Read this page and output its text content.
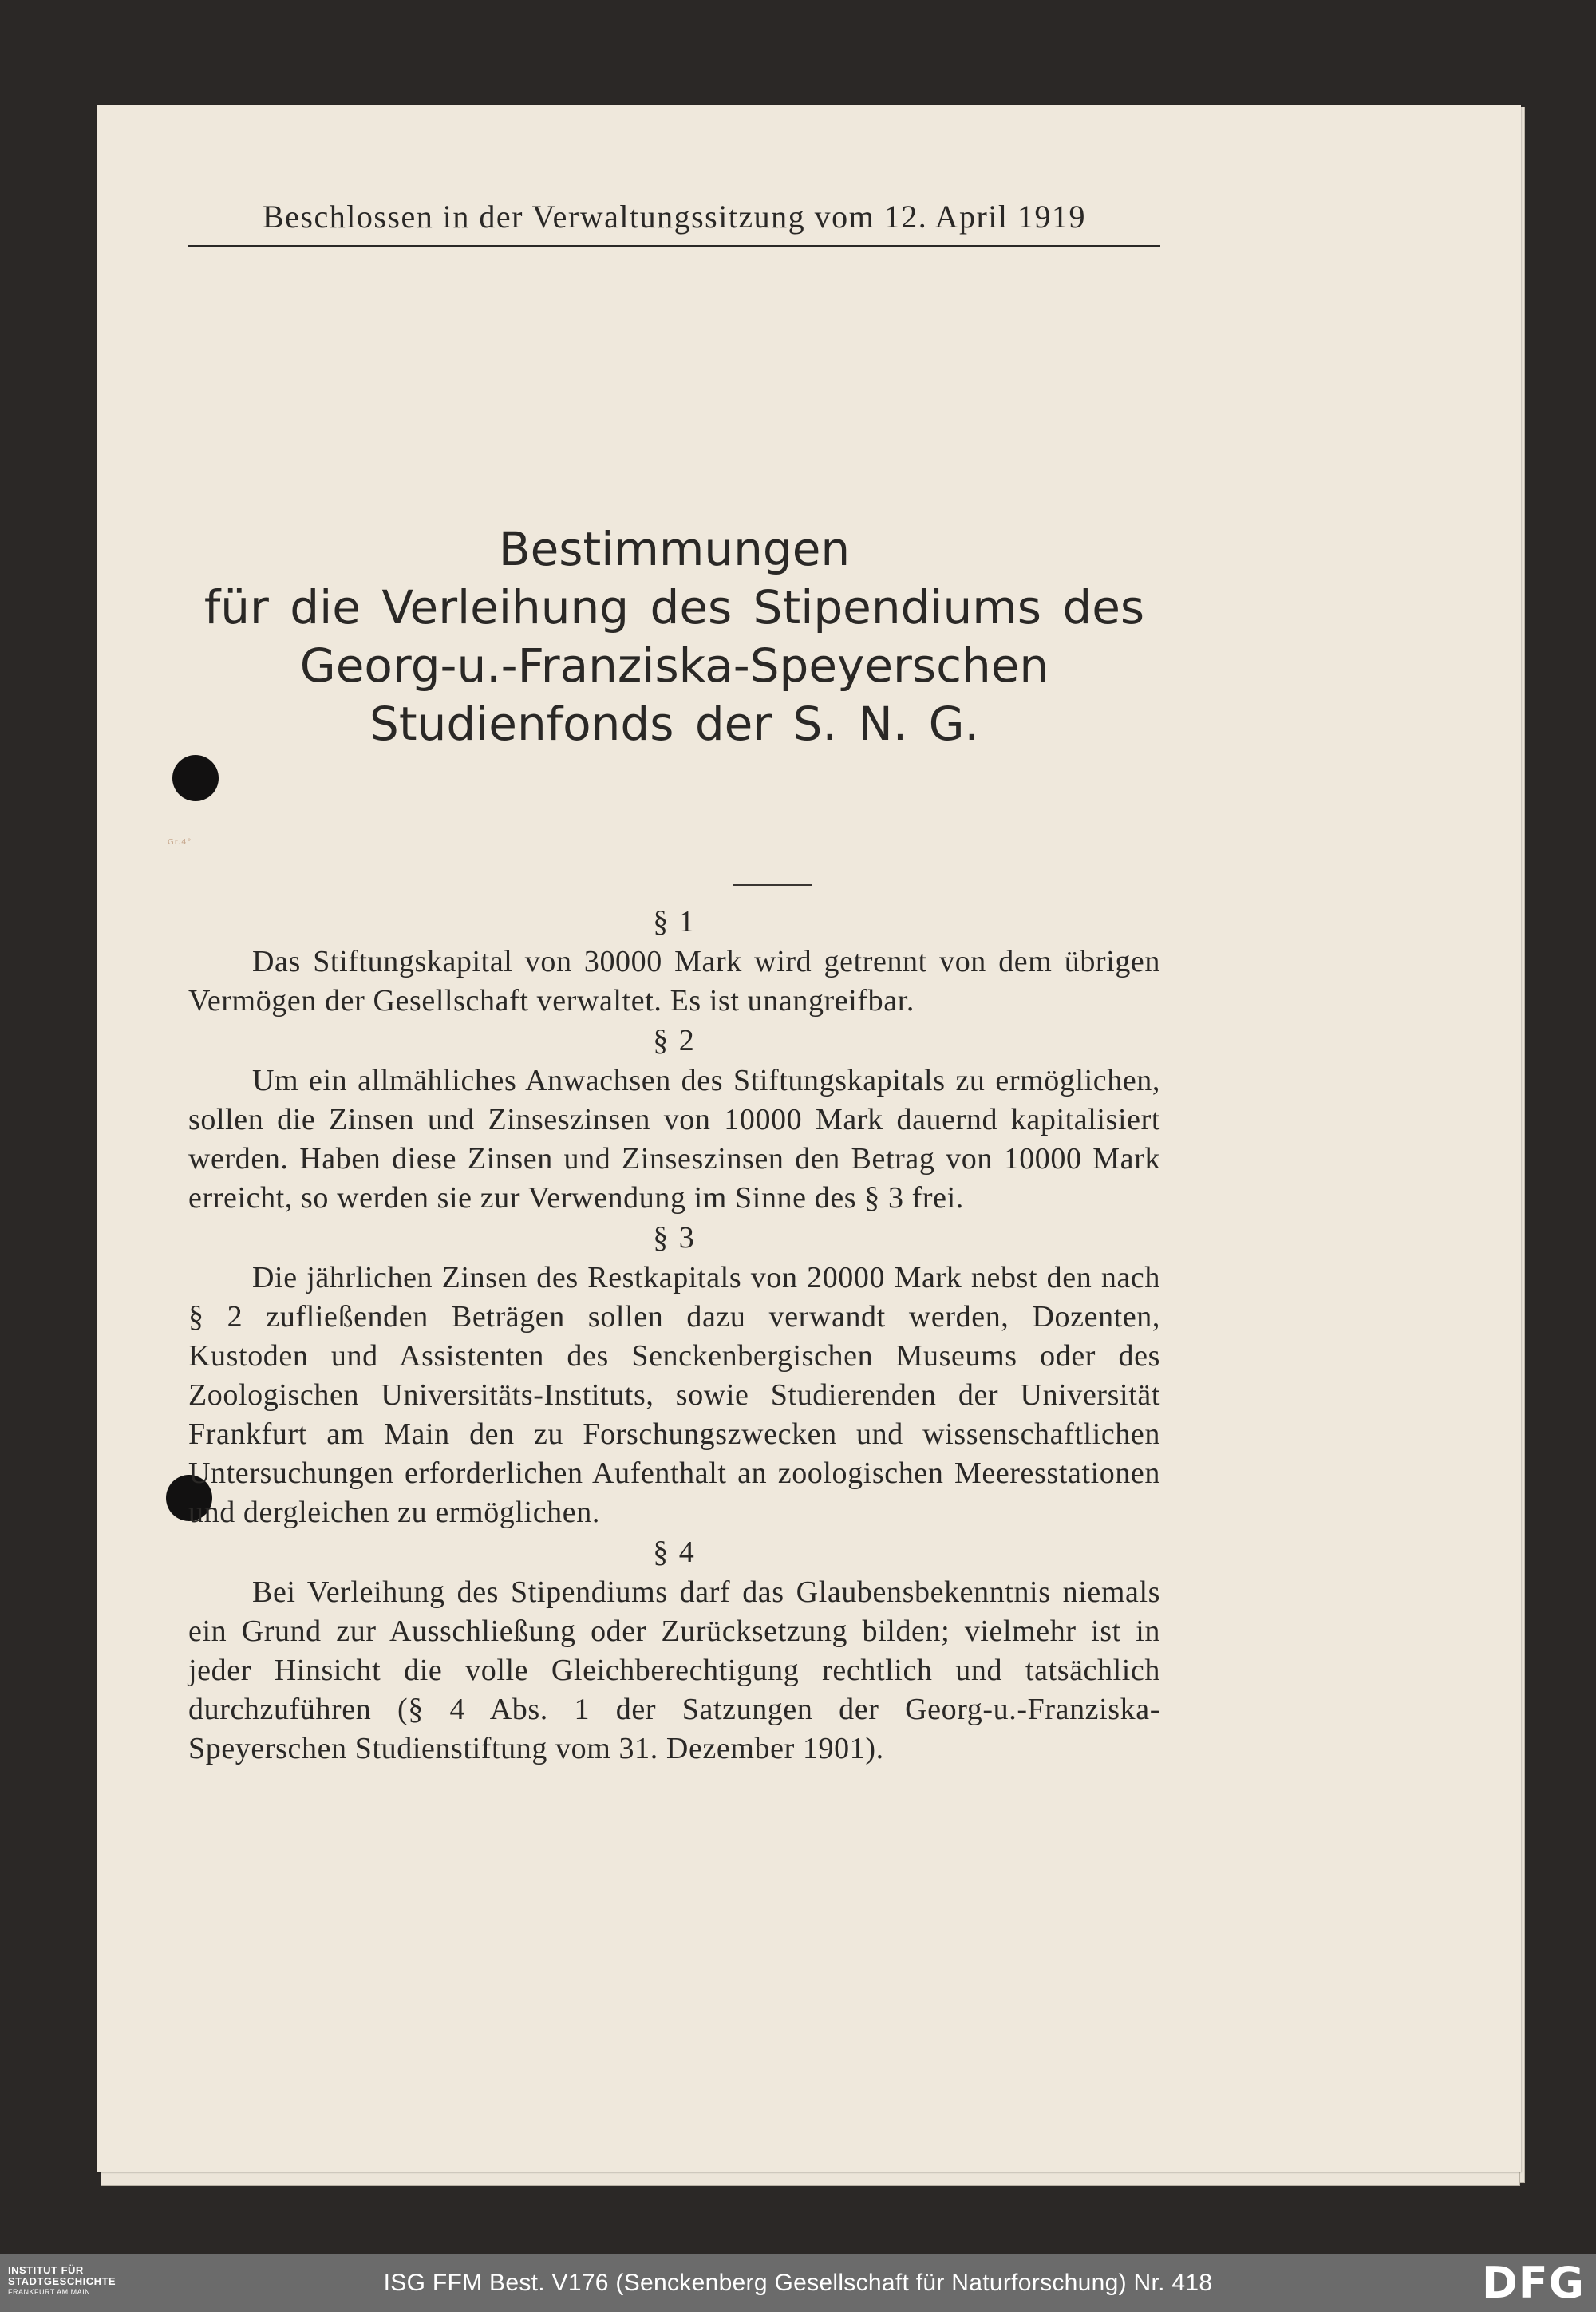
Gr.4°
Beschlossen in der Verwaltungssitzung vom 12. April 1919
Bestimmungen
für die Verleihung des Stipendiums des
Georg-u.-Franziska-Speyerschen
Studienfonds der S. N. G.

§ 1

Das Stiftungskapital von 30000 Mark wird getrennt von dem übrigen Vermögen der Gesellschaft verwaltet. Es ist unangreifbar.

§ 2

Um ein allmähliches Anwachsen des Stiftungskapitals zu ermöglichen, sollen die Zinsen und Zinseszinsen von 10000 Mark dauernd kapitalisiert werden. Haben diese Zinsen und Zinseszinsen den Betrag von 10000 Mark erreicht, so werden sie zur Verwendung im Sinne des § 3 frei.

§ 3

Die jährlichen Zinsen des Restkapitals von 20000 Mark nebst den nach § 2 zufließenden Beträgen sollen dazu verwandt werden, Dozenten, Kustoden und Assistenten des Senckenbergischen Museums oder des Zoologischen Universitäts-Instituts, sowie Studierenden der Universität Frankfurt am Main den zu Forschungszwecken und wissenschaftlichen Untersuchungen erforderlichen Aufenthalt an zoologischen Meeresstationen und dergleichen zu ermöglichen.

§ 4

Bei Verleihung des Stipendiums darf das Glaubensbekenntnis niemals ein Grund zur Ausschließung oder Zurücksetzung bilden; vielmehr ist in jeder Hinsicht die volle Gleichberechtigung rechtlich und tatsächlich durchzuführen (§ 4 Abs. 1 der Satzungen der Georg-u.-Franziska-Speyerschen Studienstiftung vom 31. Dezember 1901).

ISG FFM Best. V176 (Senckenberg Gesellschaft für Naturforschung) Nr. 418
INSTITUT FÜR
STADTGESCHICHTE
FRANKFURT AM MAIN	DFG
